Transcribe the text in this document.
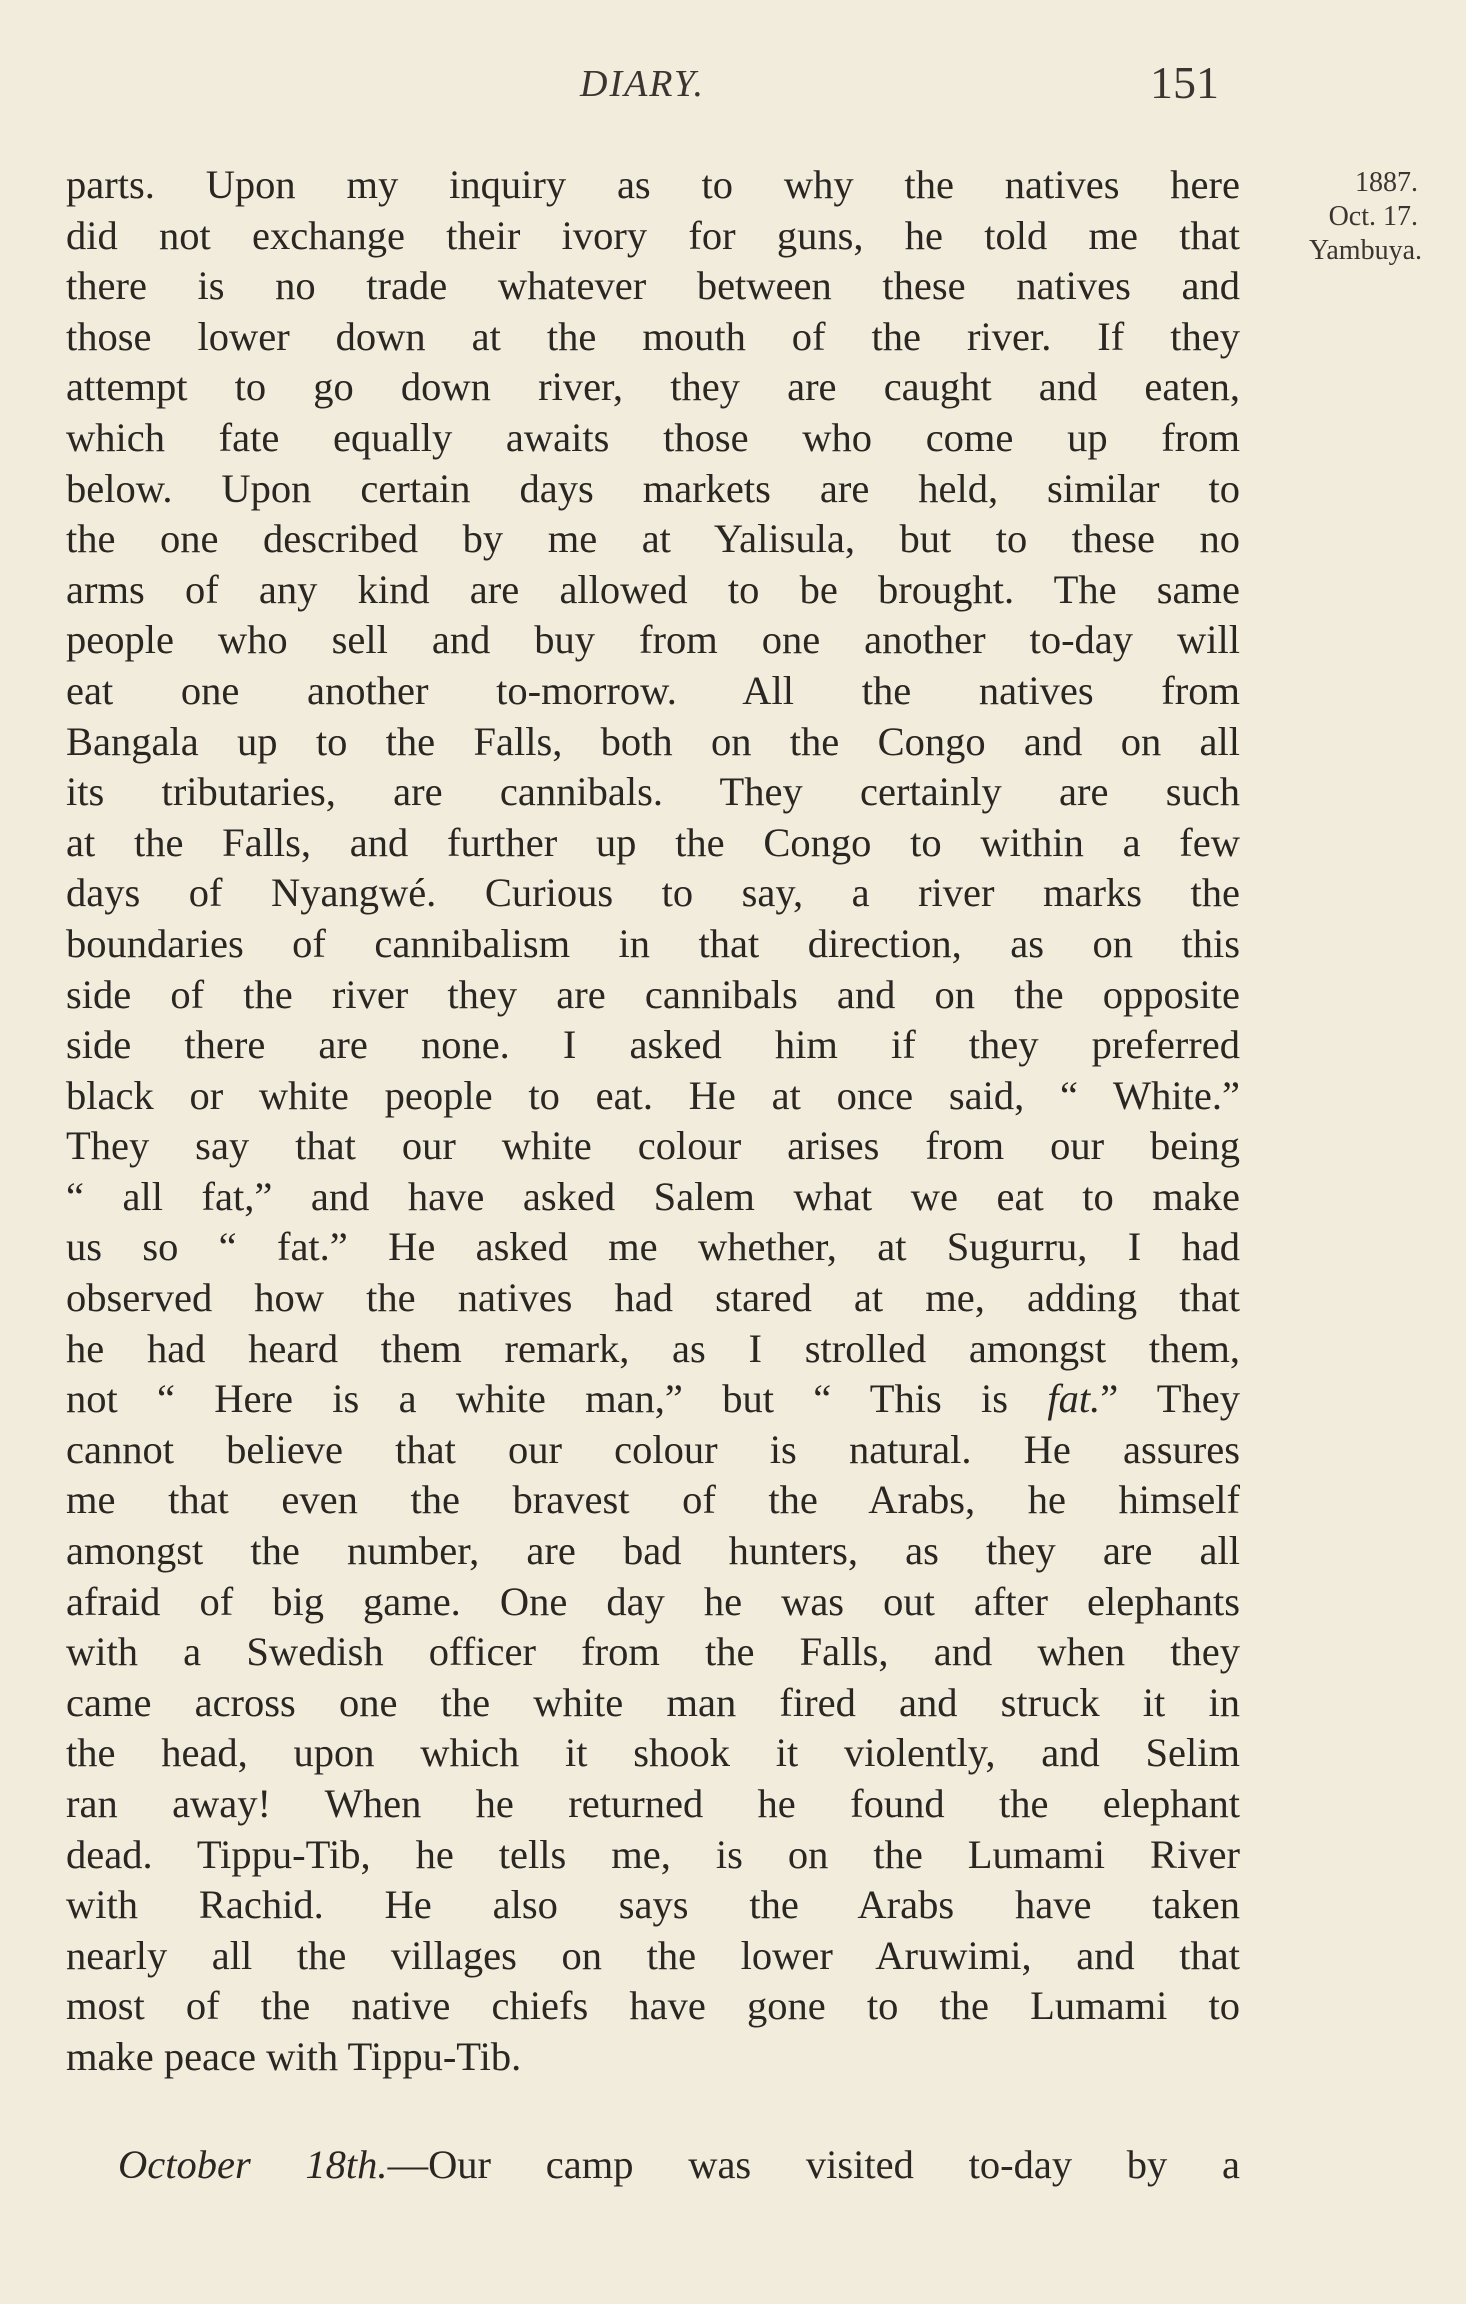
DIARY.	151
1887.
Oct. 17.
Yambuya.
parts. Upon my inquiry as to why the natives here
did not exchange their ivory for guns, he told me that
there is no trade whatever between these natives and
those lower down at the mouth of the river. If they
attempt to go down river, they are caught and eaten,
which fate equally awaits those who come up from
below. Upon certain days markets are held, similar to
the one described by me at Yalisula, but to these no
arms of any kind are allowed to be brought. The same
people who sell and buy from one another to-day will
eat one another to-morrow. All the natives from
Bangala up to the Falls, both on the Congo and on all
its tributaries, are cannibals. They certainly are such
at the Falls, and further up the Congo to within a few
days of Nyangwé. Curious to say, a river marks the
boundaries of cannibalism in that direction, as on this
side of the river they are cannibals and on the opposite
side there are none. I asked him if they preferred
black or white people to eat. He at once said, “ White.”
They say that our white colour arises from our being
“ all fat,” and have asked Salem what we eat to make
us so “ fat.” He asked me whether, at Sugurru, I had
observed how the natives had stared at me, adding that
he had heard them remark, as I strolled amongst them,
not “ Here is a white man,” but “ This is fat.” They
cannot believe that our colour is natural. He assures
me that even the bravest of the Arabs, he himself
amongst the number, are bad hunters, as they are all
afraid of big game. One day he was out after elephants
with a Swedish officer from the Falls, and when they
came across one the white man fired and struck it in
the head, upon which it shook it violently, and Selim
ran away! When he returned he found the elephant
dead. Tippu-Tib, he tells me, is on the Lumami River
with Rachid. He also says the Arabs have taken
nearly all the villages on the lower Aruwimi, and that
most of the native chiefs have gone to the Lumami to
make peace with Tippu-Tib.
October 18th.—Our camp was visited to-day by a
